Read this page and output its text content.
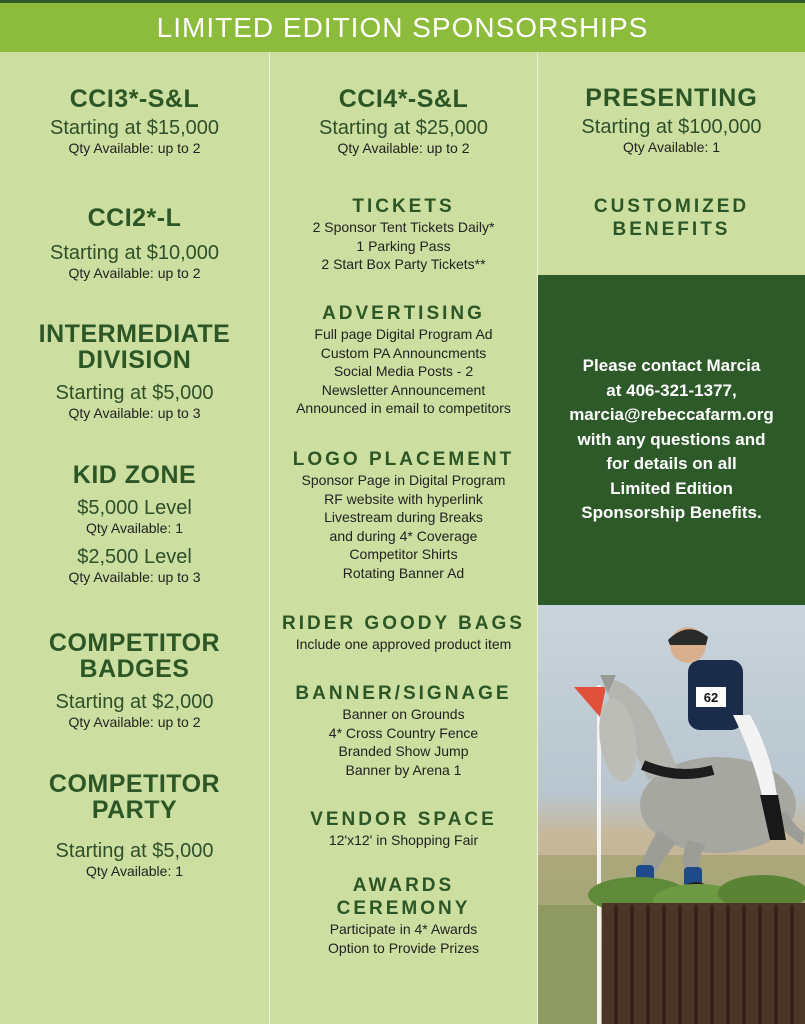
LIMITED EDITION SPONSORSHIPS
CCI3*-S&L
Starting at $15,000
Qty Available: up to 2
CCI2*-L
Starting at $10,000
Qty Available: up to 2
INTERMEDIATE
DIVISION
Starting at $5,000
Qty Available: up to 3
KID ZONE
$5,000 Level
Qty Available: 1
$2,500 Level
Qty Available: up to 3
COMPETITOR
BADGES
Starting at $2,000
Qty Available: up to 2
COMPETITOR
PARTY
Starting at $5,000
Qty Available: 1
CCI4*-S&L
Starting at $25,000
Qty Available: up to 2
TICKETS
2 Sponsor Tent Tickets Daily*
1 Parking Pass
2 Start Box Party Tickets**
ADVERTISING
Full page Digital Program Ad
Custom PA Announcments
Social Media Posts - 2
Newsletter Announcement
Announced in email to competitors
LOGO PLACEMENT
Sponsor Page in Digital Program
RF website with hyperlink
Livestream during Breaks
and during 4* Coverage
Competitor Shirts
Rotating Banner Ad
RIDER GOODY BAGS
Include one approved product item
BANNER/SIGNAGE
Banner on Grounds
4* Cross Country Fence
Branded Show Jump
Banner by Arena 1
VENDOR SPACE
12'x12' in Shopping Fair
AWARDS
CEREMONY
Participate in 4* Awards
Option to Provide Prizes
PRESENTING
Starting at $100,000
Qty Available: 1
CUSTOMIZED
BENEFITS

Please contact Marcia

at 406-321-1377,

marcia@rebeccafarm.org

with any questions and

for details on all

Limited Edition

Sponsorship Benefits.

62
